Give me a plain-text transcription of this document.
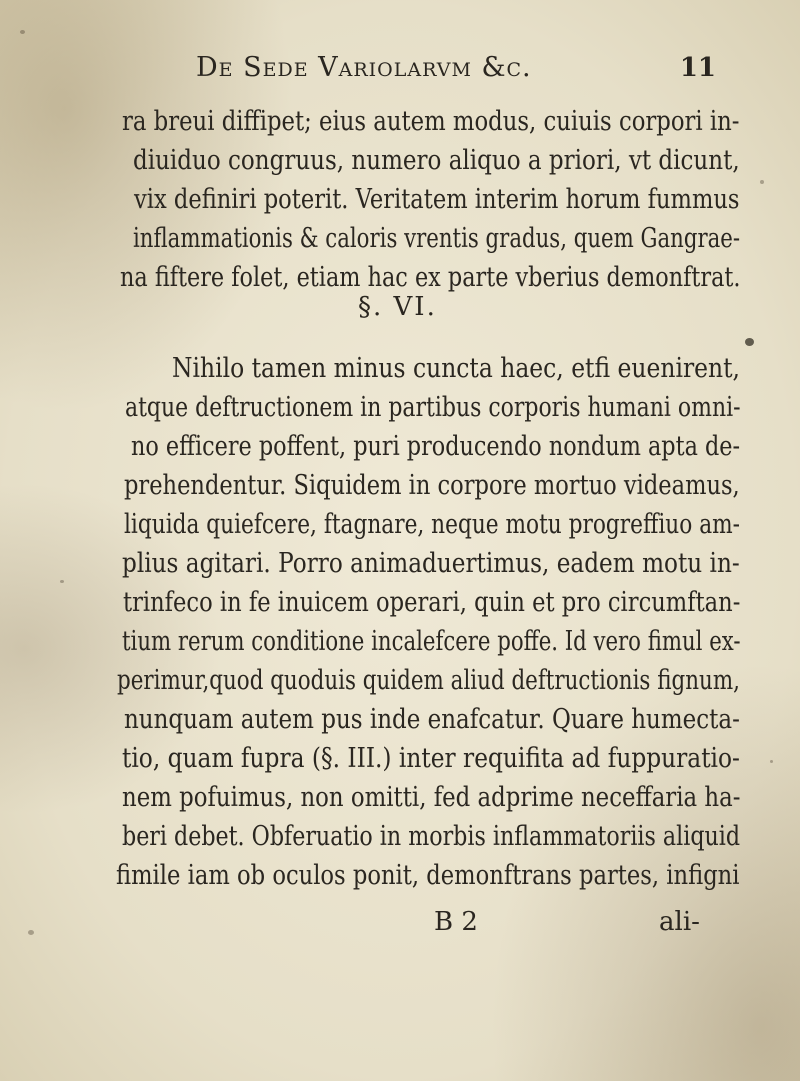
De Sede Variolarvm &c.	11
ra breui diffipet; eius autem modus, cuiuis corpori in-
diuiduo congruus, numero aliquo a priori, vt dicunt,
vix definiri poterit. Veritatem interim horum fummus
inflammationis & caloris vrentis gradus, quem Gangrae-
na fiftere folet, etiam hac ex parte vberius demonftrat.
§. VI.
Nihilo tamen minus cuncta haec, etfi euenirent,
atque deftructionem in partibus corporis humani omni-
no efficere poffent, puri producendo nondum apta de-
prehendentur. Siquidem in corpore mortuo videamus,
liquida quiefcere, ftagnare, neque motu progreffiuo am-
plius agitari. Porro animaduertimus, eadem motu in-
trinfeco in fe inuicem operari, quin et pro circumftan-
tium rerum conditione incalefcere poffe. Id vero fimul ex-
perimur,quod quoduis quidem aliud deftructionis fignum,
nunquam autem pus inde enafcatur. Quare humecta-
tio, quam fupra (§. III.) inter requifita ad fuppuratio-
nem pofuimus, non omitti, fed adprime neceffaria ha-
beri debet. Obferuatio in morbis inflammatoriis aliquid
fimile iam ob oculos ponit, demonftrans partes, infigni
B 2	ali-
